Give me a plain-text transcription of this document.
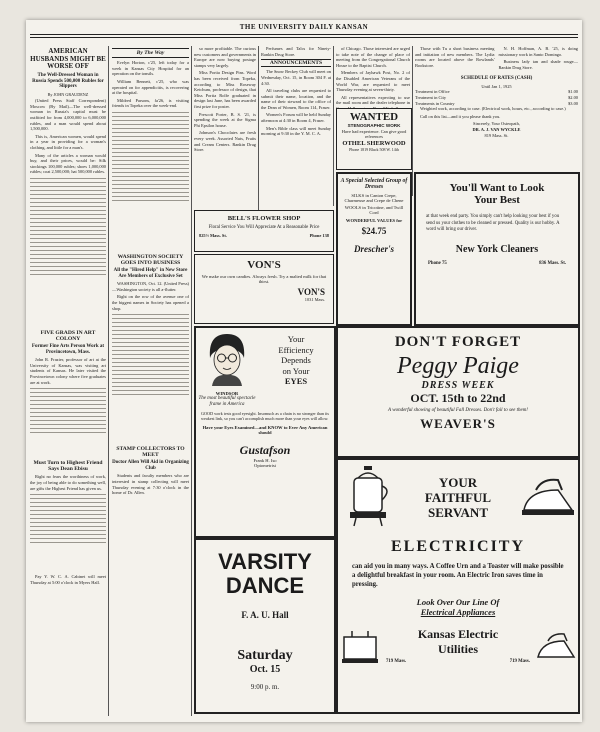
THE UNIVERSITY DAILY KANSAN
AMERICAN HUSBANDS MIGHT BE WORSE OFF
The Well-Dressed Woman in Russia Spends 500,000 Rubles for Slippers
By JOHN GRAUDENZ

(United Press Staff Correspondent) Moscow (By Mail)—The well-dressed woman in Russia's capital must be outfitted for from 4,000,000 to 6,000,000 rubles, and a man would spend about 1,500,000.

This is, American women, would spend in a year in providing for a woman's clothing, and little for a man's.

Many of the articles a woman would buy, and their prices, would be: Silk stockings 100,000 rubles; shoes 1,000,000 rubles; coat 2,500,000; hat 500,000 rubles.

FIVE GRADS IN ART COLONY
Former Fine Arts Person Work at Provincetown, Mass.

John R. Frazier, professor of art at the University of Kansas, was visiting art students of Kansas. He later visited the Provincetown colony where five graduates are at work.

Must Turn to Highest Friend Says Dean Ebisu

Right no fears the worthiness of work, the joy of being able to do something well, are gifts the Highest Friend has given us.

Pay Y. W. C. A. Cabinet will meet Thursday at 5:00 o'clock in Myers Hall.

By The Way

Evelyn Horton, c'25, left today for a week in Kansas City Hospital for an operation on the tonsils.

William Bennett, c'25, who was operated on for appendicitis, is recovering at the hospital.

Mildred Parsons, fa'26, is visiting friends in Topeka over the week-end.

WASHINGTON SOCIETY GOES INTO BUSINESS
All the "Hired Help" in New Store Are Members of Exclusive Set

WASHINGTON, Oct. 12. (United Press)—Washington society is all a-flutter.

Right on the row of the avenue one of the biggest names in Society has opened a shop.

STAMP COLLECTORS TO MEET
Doctor Allen Will Aid in Organizing Club

Students and faculty members who are interested in stamp collecting will meet Thursday evening at 7:30 o'clock in the home of Dr. Allen.

so more profitable. The curious new customers and governments in Europe are now buying postage stamps very largely.

Miss Portia Design Pins. Word has been received from Topeka, according to Miss Roseway Ketchum, professor of design, that Miss Portia Rolfe graduated in design last June, has been awarded first prize for poster.

Prescott Porter, B. S. '21, is spending the week at the Sigma Phi Epsilon house.

Johnson's Chocolates are fresh every week. Assorted Nuts, Fruits and Cream Centers. Rankin Drug Store.

Perfumes and Talcs for Ninety-Rankin Drug Store.

ANNOUNCEMENTS

The Snow Beckey Club will meet on Wednesday, Oct. 15, in Room 304 F. at 4:30.

All traveling clubs are requested to submit their name, location, and the name of their steward to the office of the Dean of Women, Room 114, Fraser.

Women's Forum will be held Sunday afternoon at 4:30 in Room 4, Fraser.

Men's Bible class will meet Sunday morning at 9:30 in the Y. M. C. A.

of Chicago. Those interested are urged to take note of the change of place of meeting from the Congregational Church House to the Baptist Church.

Members of Jayhawk Post, No. 2 of the Disabled American Veterans of the World War, are requested to meet Thursday evening at seven-thirty.

All representatives expecting to use the mail room and the dealer telephone in

Those with Tu a short business meeting and initiation of new members. The Lydia rooms are located above the Rowlands' Bookstore.

N. H. Hoffman, A. B. '25, is doing missionary work in Santo Domingo.

Business lady tan and shade rouge—Rankin Drug Store.

SCHEDULE OF RATES (CASH)
Until Jan 1, 1925
Treatment in Office	$1.00
Treatment in City	$2.00
Treatments in Country	$3.00

Weighted work, according to case. (Electrical work, hours, etc., according to case.)

Call on this list—and it you please thank you.

Sincerely, Your Osteopath,
DR. A. J. VAN WYCKLE
819 Mass. St.
WANTED
STENOGRAPHIC WORK
Have had experience. Can give good references
OTHEL SHERWOOD
Phone 1819 Black 508 W. 14th
A Special Selected Group of Dresses
SILKS in Canton Crepe, Charmeuse and Crepe de Chene
WOOLS in Tricotine, and Twill Cord
WONDERFUL VALUES for
$24.75
Drescher's
You'll Want to Look
Your Best
at that week end party. You simply can't help looking your best if you send us your clothes to be cleaned or pressed. Quality is our hobby. A word will bring our driver.
New York Cleaners
Phone 75	836 Mass. St.
BELL'S FLOWER SHOP
Floral Service You Will Appreciate At a Reasonable Price
825½ Mass. St.	Phone 138
VON'S
We make our own candies. Always fresh. Try a malted milk for that thirst.
VON'S
1031 Mass.
WINDSOR
The most beautiful spectacle frame in America
Your
Efficiency
Depends
on Your
EYES
GOOD work tests good eyesight. Insomuch as a chain is no stronger than its weakest link, so you can't accomplish much more than your eyes will allow.
Have your Eyes Examined—and KNOW to Ever Any American should
Gustafson
Frank H. Iso
Optometrist
DON'T FORGET
Peggy Paige
DRESS WEEK
OCT. 15th to 22nd
A wonderful showing of beautiful Fall Dresses. Don't fail to see them!
WEAVER'S
YOUR
FAITHFUL
SERVANT
ELECTRICITY
can aid you in many ways. A Coffee Urn and a Toaster will make possible a delightful breakfast in your room. An Electric Iron saves time in pressing.
Look Over Our Line Of
Electrical Appliances
Kansas Electric
Utilities
719 Mass.	719 Mass.
VARSITY DANCE
F. A. U. Hall
Saturday
Oct. 15
9:00 p. m.
